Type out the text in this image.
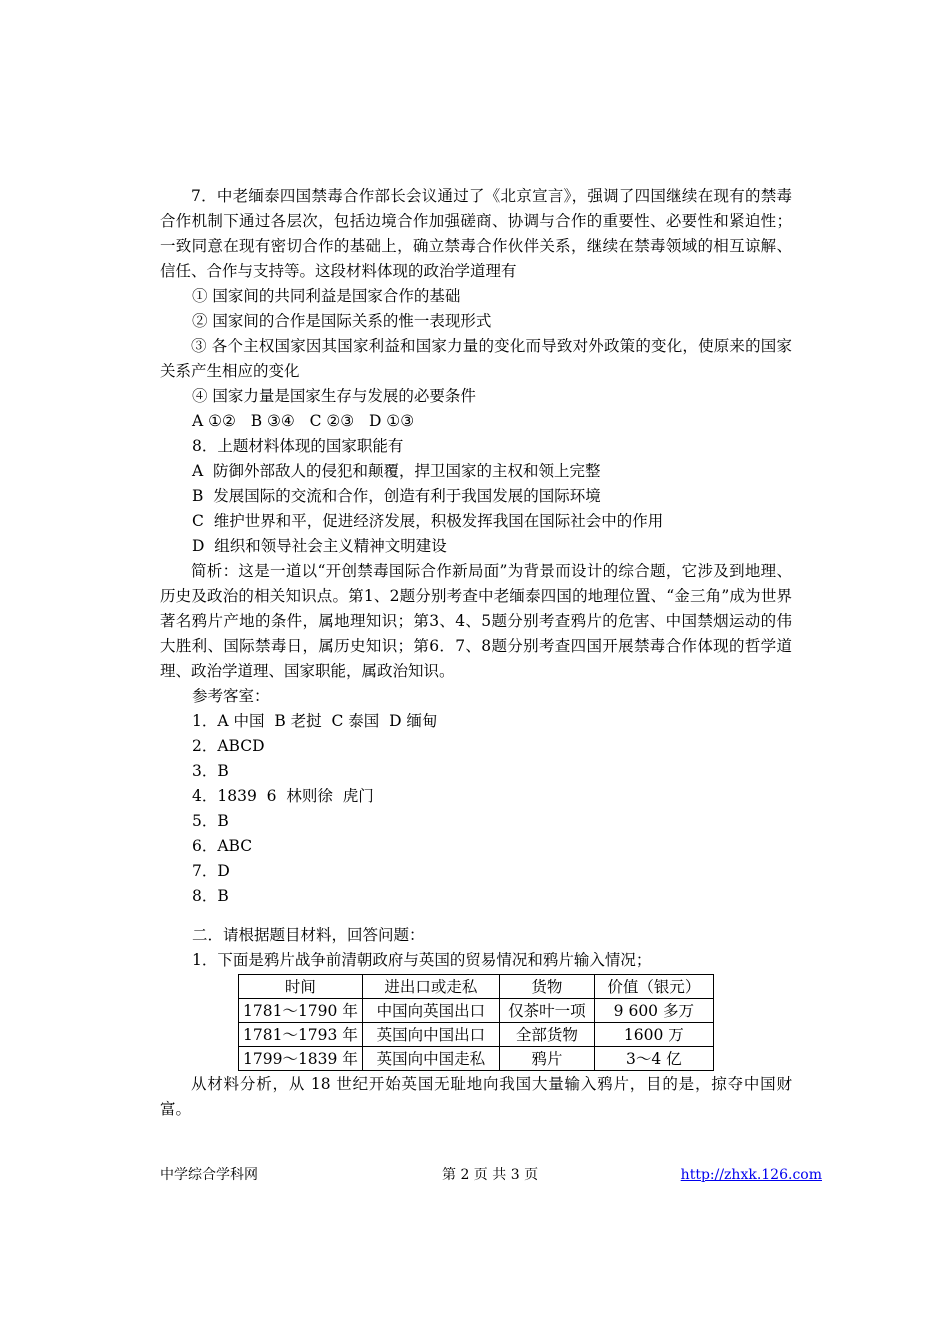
7．中老缅泰四国禁毒合作部长会议通过了《北京宣言》，强调了四国继续在现有的禁毒合作机制下通过各层次，包括边境合作加强磋商、协调与合作的重要性、必要性和紧迫性；一致同意在现有密切合作的基础上，确立禁毒合作伙伴关系，继续在禁毒领域的相互谅解、信任、合作与支持等。这段材料体现的政治学道理有

① 国家间的共同利益是国家合作的基础

② 国家间的合作是国际关系的惟一表现形式

③ 各个主权国家因其国家利益和国家力量的变化而导致对外政策的变化，使原来的国家关系产生相应的变化

④ 国家力量是国家生存与发展的必要条件

A ①②   B ③④   C ②③   D ①③

8．上题材料体现的国家职能有

A  防御外部敌人的侵犯和颠覆，捍卫国家的主权和领上完整

B  发展国际的交流和合作，创造有利于我国发展的国际环境

C  维护世界和平，促进经济发展，积极发挥我国在国际社会中的作用

D  组织和领导社会主义精神文明建设

简析：这是一道以“开创禁毒国际合作新局面”为背景而设计的综合题，它涉及到地理、历史及政治的相关知识点。第1、2题分别考查中老缅泰四国的地理位置、“金三角”成为世界著名鸦片产地的条件，属地理知识；第3、4、5题分别考查鸦片的危害、中国禁烟运动的伟大胜利、国际禁毒日，属历史知识；第6．7、8题分别考查四国开展禁毒合作体现的哲学道理、政治学道理、国家职能，属政治知识。

参考客室：

1．A 中国  B 老挝  C 泰国  D 缅甸

2．ABCD

3．B

4．1839  6  林则徐  虎门

5．B

6．ABC

7．D

8．B

二．请根据题目材料，回答问题：

1．下面是鸦片战争前清朝政府与英国的贸易情况和鸦片输入情况；

时间	进出口或走私	货物	价值（银元）
1781～1790 年	中国向英国出口	仅茶叶一项	9 600 多万
1781～1793 年	英国向中国出口	全部货物	1600 万
1799～1839 年	英国向中国走私	鸦片	3～4 亿

从材料分析，从 18 世纪开始英国无耻地向我国大量输入鸦片，目的是，掠夺中国财富。

中学综合学科网	第 2 页 共 3 页	http://zhxk.126.com
